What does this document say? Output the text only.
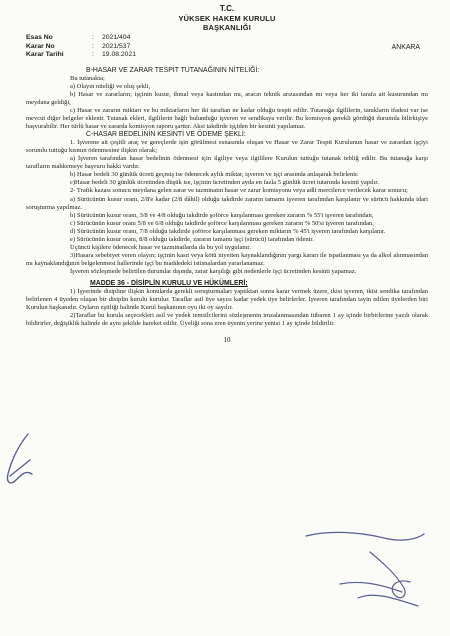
T.C.
YÜKSEK HAKEM KURULU
BAŞKANLIĞI
Esas No	:	2021/404
Karar No	:	2021/537
Karar Tarihi	:	19.08.2021
ANKARA
B-HASAR VE ZARAR TESPİT TUTANAĞININ NİTELİĞİ:

Bu tutanakta;

a) Olayın niteliği ve oluş şekli,

b) Hasar ve zararların; işçinin kusur, ihmal veya kastından mı, aracın teknik arızasından mı veya her iki tarafa ait kusurundan mı meydana geldiği,

c) Hasar ve zararın miktarı ve bu miktarların her iki taraftan ne kadar olduğu tespit edilir. Tutanağa ilgililerin, tanıkların ifadesi var ise mevcut diğer belgeler eklenir. Tutanak ekleri, ilgililerin bağlı bulunduğu işveren ve sendikaya verilir. Bu komisyon gerekli gördüğü durumda bilirkişiye başvurabilir. Her türlü hasar ve zararda komisyon raporu şarttır. Aksi takdirde işçiden bir kesinti yapılamaz.

C-HASAR BEDELİNİN KESİNTİ VE ÖDEME ŞEKLİ:

1. İşverene ait çeşitli araç ve gereçlerde işin görülmesi esnasında oluşan ve Hasar ve Zarar Tespit Kurulunun hasar ve zarardan işçiyi sorumlu tuttuğu kısmın ödenmesine ilişkin olarak;

a) İşveren tarafından hasar bedelinin ödenmesi için ilgiliye veya ilgililere Kurulun tuttuğu tutanak tebliğ edilir. Bu tutanağa karşı tarafların mahkemeye başvuru hakkı vardır.

b) Hasar bedeli 30 günlük ücreti geçmiş ise ödenecek aylık miktar, işveren ve işçi arasında anlaşarak belirlenir.

c)Hasar bedeli 30 günlük ücretinden düşük ise, işçinin ücretinden ayda en fazla 5 günlük ücret tutarında kesinti yapılır.

2- Trafik kazası sonucu meydana gelen zarar ve tazminatın hasar ve zarar komisyonu veya adli mercilerce verilecek karar sonucu;

a) Sürücünün kusur oranı, 2/8'e kadar (2/8 dâhil) olduğu takdirde zararın tamamı işveren tarafından karşılanır ve sürücü hakkında idari soruşturma yapılmaz.

b) Sürücünün kusur oranı, 3/8 ve 4/8 olduğu takdirde şoförce karşılanması gereken zararın % 55'i işveren tarafından,

c) Sürücünün kusur oranı 5/8 ve 6/8 olduğu takdirde şoförce karşılanması gereken zararın % 50'si işveren tarafından,

d) Sürücünün kusur oranı, 7/8 olduğu takdirde şoförce karşılanması gereken miktarın % 45'i işveren tarafından karşılanır.

e) Sürücünün kusur oranı, 8/8 olduğu takdirde, zararın tamamı işçi (sürücü) tarafından ödenir.

Üçüncü kişilere ödenecek hasar ve tazminatlarda da bu yol uygulanır.

3)Hasara sebebiyet veren olayın; işçinin kasıt veya kötü niyetten kaynaklandığının yargı kararı ile ispatlanması ya da alkol alınmasından mı kaynaklandığının belgelenmesi hallerinde işçi bu maddedeki istisnalardan yararlanamaz.

İşveren sözleşmede belirtilen durumlar dışında, zarar karşılığı gibi nedenlerle işçi ücretinden kesinti yapamaz.

MADDE 36 - DİSİPLİN KURULU VE HÜKÜMLERİ;

1) İşyerinde disipline ilişkin konularda gerekli soruşturmaları yaptıktan sonra karar vermek üzere, ikisi işveren, ikisi sendika tarafından belirlenen 4 üyeden oluşan bir disiplin kurulu kurulur. Taraflar asil üye sayısı kadar yedek üye belirlerler. İşveren tarafından tayin edilen üyelerden biri Kurulun başkanıdır. Oyların eşitliği halinde Kurul başkanının oyu iki oy sayılır.

2)Taraflar bu kurula seçecekleri asil ve yedek temsilcilerini sözleşmenin imzalanmasından itibaren 1 ay içinde birbirlerine yazılı olarak bildirirler, değişiklik halinde de aynı şekilde hareket edilir. Üyeliği sona eren üyenin yerine yenisi 1 ay içinde bildirilir.

10
